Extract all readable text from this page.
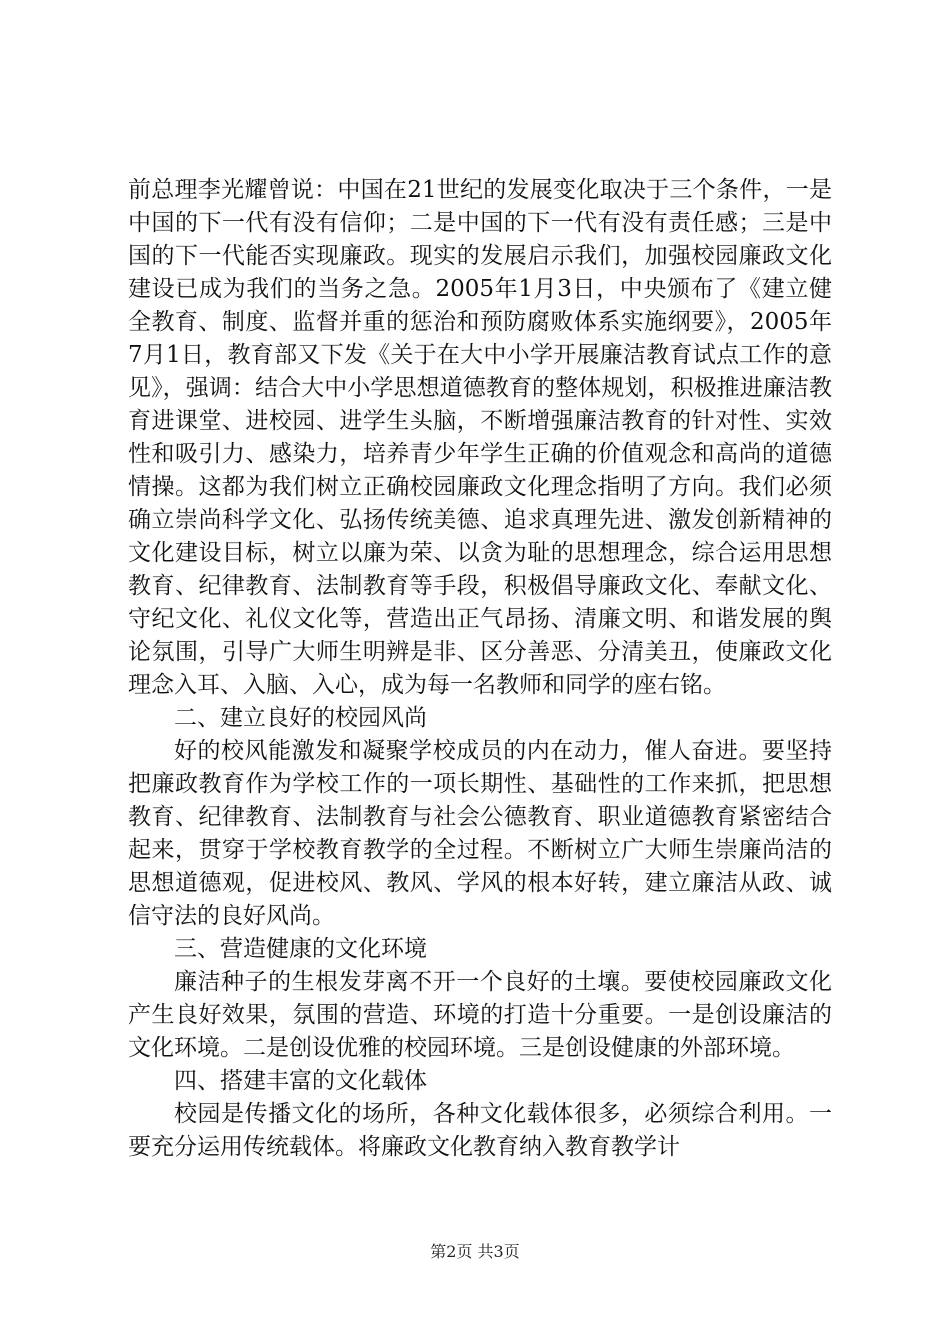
前总理李光耀曾说：中国在21世纪的发展变化取决于三个条件，一是中国的下一代有没有信仰；二是中国的下一代有没有责任感；三是中国的下一代能否实现廉政。现实的发展启示我们，加强校园廉政文化建设已成为我们的当务之急。2005年1月3日，中央颁布了《建立健全教育、制度、监督并重的惩治和预防腐败体系实施纲要》，2005年7月1日，教育部又下发《关于在大中小学开展廉洁教育试点工作的意见》，强调：结合大中小学思想道德教育的整体规划，积极推进廉洁教育进课堂、进校园、进学生头脑，不断增强廉洁教育的针对性、实效性和吸引力、感染力，培养青少年学生正确的价值观念和高尚的道德情操。这都为我们树立正确校园廉政文化理念指明了方向。我们必须确立崇尚科学文化、弘扬传统美德、追求真理先进、激发创新精神的文化建设目标，树立以廉为荣、以贪为耻的思想理念，综合运用思想教育、纪律教育、法制教育等手段，积极倡导廉政文化、奉献文化、守纪文化、礼仪文化等，营造出正气昂扬、清廉文明、和谐发展的舆论氛围，引导广大师生明辨是非、区分善恶、分清美丑，使廉政文化理念入耳、入脑、入心，成为每一名教师和同学的座右铭。

二、建立良好的校园风尚

好的校风能激发和凝聚学校成员的内在动力，催人奋进。要坚持把廉政教育作为学校工作的一项长期性、基础性的工作来抓，把思想教育、纪律教育、法制教育与社会公德教育、职业道德教育紧密结合起来，贯穿于学校教育教学的全过程。不断树立广大师生崇廉尚洁的思想道德观，促进校风、教风、学风的根本好转，建立廉洁从政、诚信守法的良好风尚。

三、营造健康的文化环境

廉洁种子的生根发芽离不开一个良好的土壤。要使校园廉政文化产生良好效果，氛围的营造、环境的打造十分重要。一是创设廉洁的文化环境。二是创设优雅的校园环境。三是创设健康的外部环境。

四、搭建丰富的文化载体

校园是传播文化的场所，各种文化载体很多，必须综合利用。一要充分运用传统载体。将廉政文化教育纳入教育教学计

第2页 共3页
